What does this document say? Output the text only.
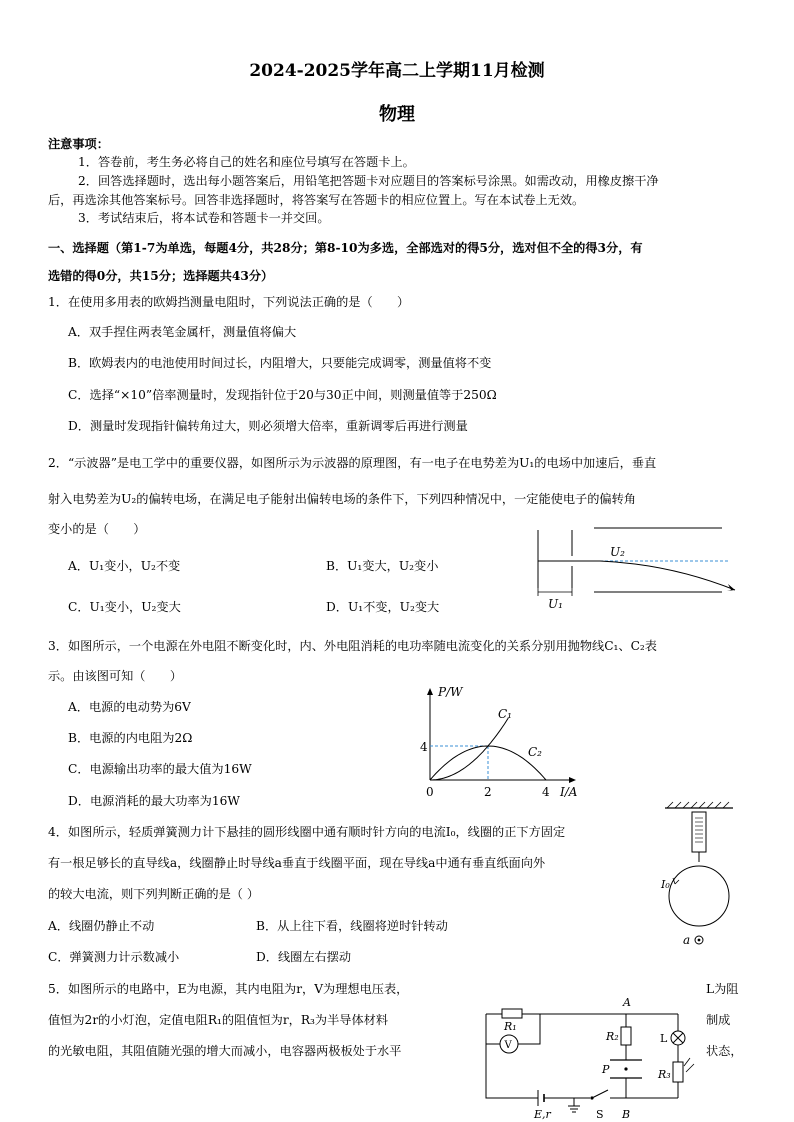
2024-2025学年高二上学期11月检测
物理
注意事项：
1．答卷前，考生务必将自己的姓名和座位号填写在答题卡上。
2．回答选择题时，选出每小题答案后，用铅笔把答题卡对应题目的答案标号涂黑。如需改动，用橡皮擦干净
后，再选涂其他答案标号。回答非选择题时，将答案写在答题卡的相应位置上。写在本试卷上无效。
3．考试结束后，将本试卷和答题卡一并交回。
一、选择题（第1-7为单选，每题4分，共28分；第8-10为多选，全部选对的得5分，选对但不全的得3分，有
选错的得0分，共15分；选择题共43分）
1．在使用多用表的欧姆挡测量电阻时，下列说法正确的是（　　）
A．双手捏住两表笔金属杆，测量值将偏大
B．欧姆表内的电池使用时间过长，内阻增大，只要能完成调零，测量值将不变
C．选择“×10”倍率测量时，发现指针位于20与30正中间，则测量值等于250Ω
D．测量时发现指针偏转角过大，则必须增大倍率，重新调零后再进行测量
2．“示波器”是电工学中的重要仪器，如图所示为示波器的原理图，有一电子在电势差为U₁的电场中加速后，垂直
射入电势差为U₂的偏转电场，在满足电子能射出偏转电场的条件下，下列四种情况中，一定能使电子的偏转角
变小的是（　　）
A．U₁变小，U₂不变	B．U₁变大，U₂变小
C．U₁变小，U₂变大	D．U₁不变，U₂变大	U₁
U₂
3．如图所示，一个电源在外电阻不断变化时，内、外电阻消耗的电功率随电流变化的关系分别用抛物线C₁、C₂表
示。由该图可知（　　）
A．电源的电动势为6V
B．电源的内电阻为2Ω
C．电源输出功率的最大值为16W
D．电源消耗的最大功率为16W
P/W
I/A
0	2	4
4
C₁
C₂
4．如图所示，轻质弹簧测力计下悬挂的圆形线圈中通有顺时针方向的电流I₀，线圈的正下方固定
有一根足够长的直导线a，线圈静止时导线a垂直于线圈平面，现在导线a中通有垂直纸面向外
的较大电流，则下列判断正确的是（ ）
A．线圈仍静止不动	B．从上往下看，线圈将逆时针转动
C．弹簧测力计示数减小	D．线圈左右摆动
I₀
a
5．如图所示的电路中，E为电源，其内电阻为r，V为理想电压表，	L为阻
值恒为2r的小灯泡，定值电阻R₁的阻值恒为r，R₃为半导体材料	制成
的光敏电阻，其阻值随光强的增大而减小，电容器两极板处于水平	状态，
R₁
V
A
R₂
P
L
R₃
E,r	S B
